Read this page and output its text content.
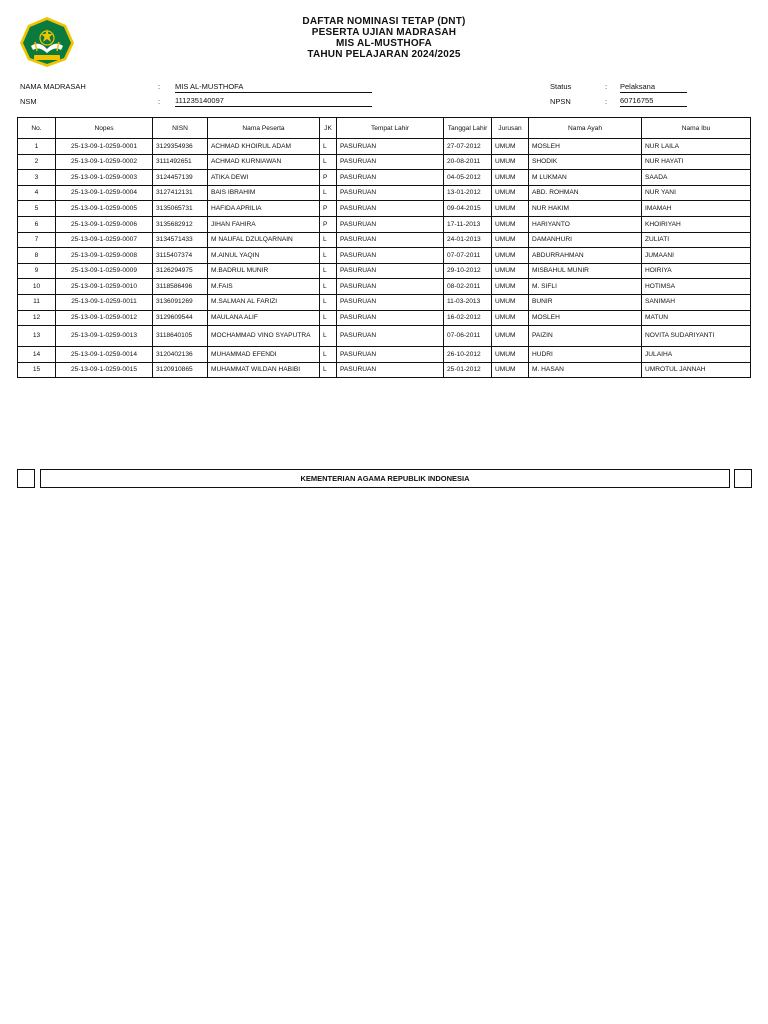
DAFTAR NOMINASI TETAP (DNT)
PESERTA UJIAN MADRASAH
MIS AL-MUSTHOFA
TAHUN PELAJARAN 2024/2025
NAMA MADRASAH	: MIS AL-MUSTHOFA
NSM	: 111235140097
Status	: Pelaksana
NPSN	: 60716755
No.	Nopes	NISN	Nama Peserta	JK	Tempat Lahir	Tanggal Lahir	Jurusan	Nama Ayah	Nama Ibu
1	25-13-09-1-0259-0001	3129354936	ACHMAD KHOIRUL ADAM	L	PASURUAN	27-07-2012	UMUM	MOSLEH	NUR LAILA
2	25-13-09-1-0259-0002	3111492651	ACHMAD KURNIAWAN	L	PASURUAN	20-08-2011	UMUM	SHODIK	NUR HAYATI
3	25-13-09-1-0259-0003	3124457139	ATIKA DEWI	P	PASURUAN	04-05-2012	UMUM	M LUKMAN	SAADA
4	25-13-09-1-0259-0004	3127412131	BAIS IBRAHIM	L	PASURUAN	13-01-2012	UMUM	ABD. ROHMAN	NUR YANI
5	25-13-09-1-0259-0005	3135065731	HAFIDA APRILIA	P	PASURUAN	09-04-2015	UMUM	NUR HAKIM	IMAMAH
6	25-13-09-1-0259-0006	3135682912	JIHAN FAHIRA	P	PASURUAN	17-11-2013	UMUM	HARIYANTO	KHOIRIYAH
7	25-13-09-1-0259-0007	3134571433	M NAUFAL DZULQARNAIN	L	PASURUAN	24-01-2013	UMUM	DAMANHURI	ZULIATI
8	25-13-09-1-0259-0008	3115407374	M.AINUL YAQIN	L	PASURUAN	07-07-2011	UMUM	ABDURRAHMAN	JUMAANI
9	25-13-09-1-0259-0009	3126294975	M.BADRUL MUNIR	L	PASURUAN	29-10-2012	UMUM	MISBAHUL MUNIR	HOIRIYA
10	25-13-09-1-0259-0010	3118586496	M.FAIS	L	PASURUAN	08-02-2011	UMUM	M. SIFLI	HOTIMSA
11	25-13-09-1-0259-0011	3136091269	M.SALMAN AL FARIZI	L	PASURUAN	11-03-2013	UMUM	BUNIR	SANIMAH
12	25-13-09-1-0259-0012	3129609544	MAULANA ALIF	L	PASURUAN	16-02-2012	UMUM	MOSLEH	MATUN
13	25-13-09-1-0259-0013	3118640105	MOCHAMMAD VINO SYAPUTRA	L	PASURUAN	07-06-2011	UMUM	PAIZIN	NOVITA SUDARIYANTI
14	25-13-09-1-0259-0014	3120402136	MUHAMMAD EFENDI	L	PASURUAN	26-10-2012	UMUM	HUDRI	JULAIHA
15	25-13-09-1-0259-0015	3120910865	MUHAMMAT WILDAN HABIBI	L	PASURUAN	25-01-2012	UMUM	M. HASAN	UMROTUL JANNAH
KEMENTERIAN AGAMA REPUBLIK INDONESIA
